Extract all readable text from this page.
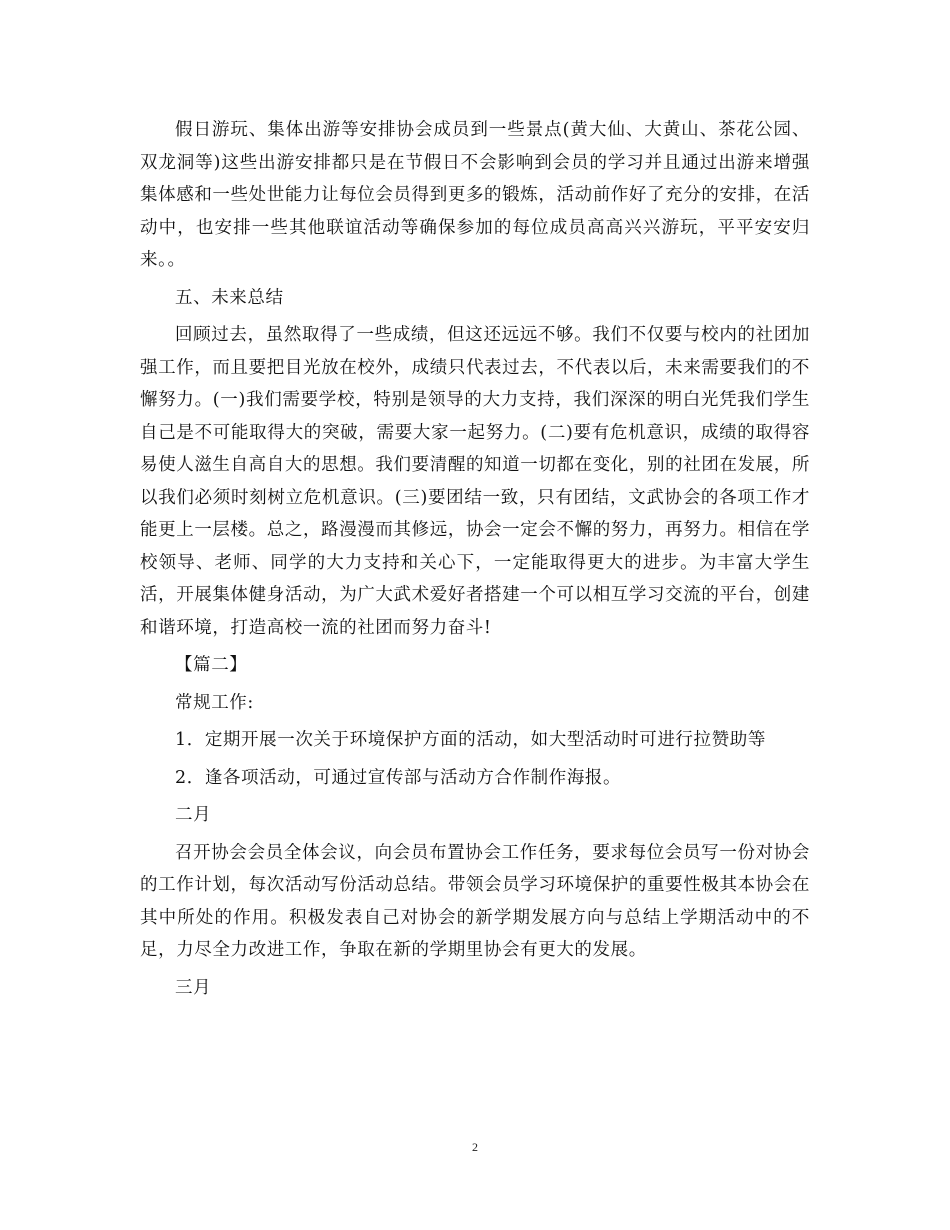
假日游玩、集体出游等安排协会成员到一些景点(黄大仙、大黄山、茶花公园、双龙洞等)这些出游安排都只是在节假日不会影响到会员的学习并且通过出游来增强集体感和一些处世能力让每位会员得到更多的锻炼，活动前作好了充分的安排，在活动中，也安排一些其他联谊活动等确保参加的每位成员高高兴兴游玩，平平安安归来。。

五、未来总结

回顾过去，虽然取得了一些成绩，但这还远远不够。我们不仅要与校内的社团加强工作，而且要把目光放在校外，成绩只代表过去，不代表以后，未来需要我们的不懈努力。(一)我们需要学校，特别是领导的大力支持，我们深深的明白光凭我们学生自己是不可能取得大的突破，需要大家一起努力。(二)要有危机意识，成绩的取得容易使人滋生自高自大的思想。我们要清醒的知道一切都在变化，别的社团在发展，所以我们必须时刻树立危机意识。(三)要团结一致，只有团结，文武协会的各项工作才能更上一层楼。总之，路漫漫而其修远，协会一定会不懈的努力，再努力。相信在学校领导、老师、同学的大力支持和关心下，一定能取得更大的进步。为丰富大学生活，开展集体健身活动，为广大武术爱好者搭建一个可以相互学习交流的平台，创建和谐环境，打造高校一流的社团而努力奋斗!

【篇二】

常规工作:

1．定期开展一次关于环境保护方面的活动，如大型活动时可进行拉赞助等

2．逢各项活动，可通过宣传部与活动方合作制作海报。

二月

召开协会会员全体会议，向会员布置协会工作任务，要求每位会员写一份对协会的工作计划，每次活动写份活动总结。带领会员学习环境保护的重要性极其本协会在其中所处的作用。积极发表自己对协会的新学期发展方向与总结上学期活动中的不足，力尽全力改进工作，争取在新的学期里协会有更大的发展。

三月

2
